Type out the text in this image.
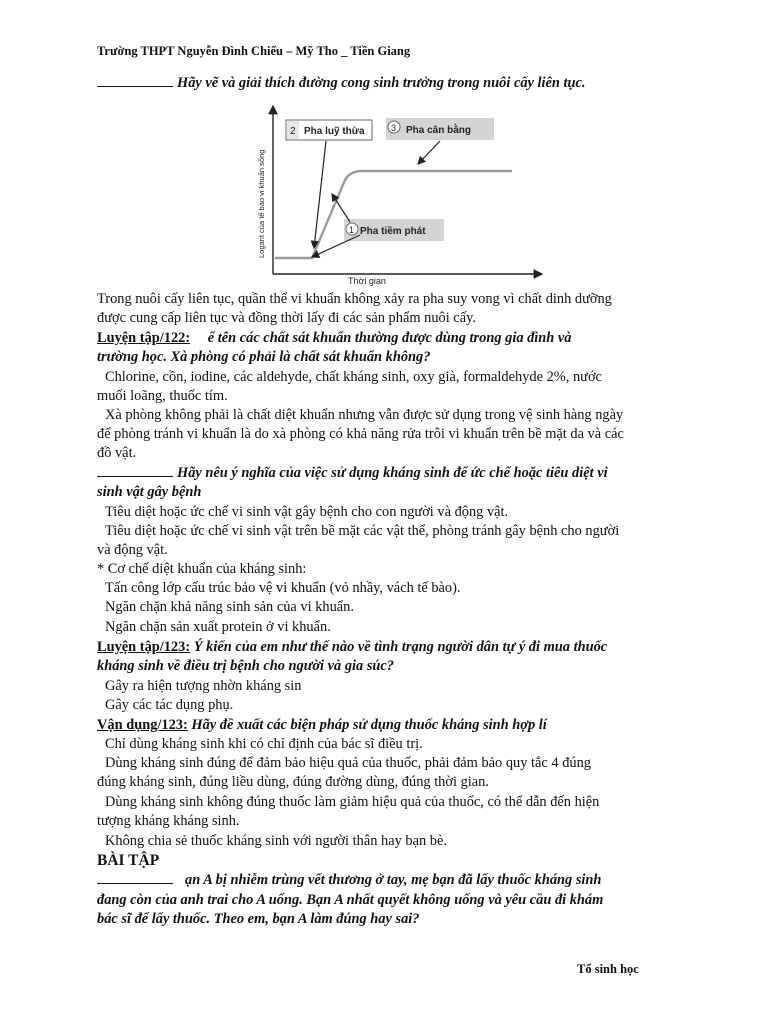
Trường THPT Nguyễn Đình Chiểu – Mỹ Tho _ Tiền Giang
Hãy vẽ và giải thích đường cong sinh trưởng trong nuôi cấy liên tục.
Logarit của tế bào vi khuẩn sống
Thời gian
2 Pha luỹ thừa	3 Pha cân bằng
1 Pha tiềm phát
Trong nuôi cấy liên tục, quần thể vi khuẩn không xảy ra pha suy vong vì chất dinh dưỡng
được cung cấp liên tục và đồng thời lấy đi các sản phẩm nuôi cấy.
Luyện tập/122: ể tên các chất sát khuẩn thường được dùng trong gia đình và
trường học. Xà phòng có phải là chất sát khuẩn không?
Chlorine, cồn, iodine, các aldehyde, chất kháng sinh, oxy già, formaldehyde 2%, nước
muối loãng, thuốc tím.
Xà phòng không phải là chất diệt khuẩn nhưng vẫn được sử dụng trong vệ sinh hàng ngày
để phòng tránh vi khuẩn là do xà phòng có khả năng rửa trôi vi khuẩn trên bề mặt da và các
đồ vật.
Hãy nêu ý nghĩa của việc sử dụng kháng sinh để ức chế hoặc tiêu diệt vi
sinh vật gây bệnh
Tiêu diệt hoặc ức chế vi sinh vật gây bệnh cho con người và động vật.
Tiêu diệt hoặc ức chế vi sinh vật trên bề mặt các vật thể, phòng tránh gây bệnh cho người
và động vật.
* Cơ chế diệt khuẩn của kháng sinh:
Tấn công lớp cấu trúc bảo vệ vi khuẩn (vỏ nhầy, vách tế bào).
Ngăn chặn khả năng sinh sản của vi khuẩn.
Ngăn chặn sản xuất protein ở vi khuẩn.
Luyện tập/123: Ý kiến của em như thế nào về tình trạng người dân tự ý đi mua thuốc
kháng sinh về điều trị bệnh cho người và gia súc?
Gây ra hiện tượng nhờn kháng sin
Gây các tác dụng phụ.
Vận dụng/123: Hãy đề xuất các biện pháp sử dụng thuốc kháng sinh hợp lí
Chỉ dùng kháng sinh khi có chỉ định của bác sĩ điều trị.
Dùng kháng sinh đúng để đảm bảo hiệu quả của thuốc, phải đảm bảo quy tắc 4 đúng
đúng kháng sinh, đúng liều dùng, đúng đường dùng, đúng thời gian.
Dùng kháng sinh không đúng thuốc làm giảm hiệu quả của thuốc, có thể dẫn đến hiện
tượng kháng kháng sinh.
Không chia sẻ thuốc kháng sinh với người thân hay bạn bè.
BÀI TẬP
ạn A bị nhiễm trùng vết thương ở tay, mẹ bạn đã lấy thuốc kháng sinh
đang còn của anh trai cho A uống. Bạn A nhất quyết không uống và yêu cầu đi khám
bác sĩ để lấy thuốc. Theo em, bạn A làm đúng hay sai?
Tổ sinh học
